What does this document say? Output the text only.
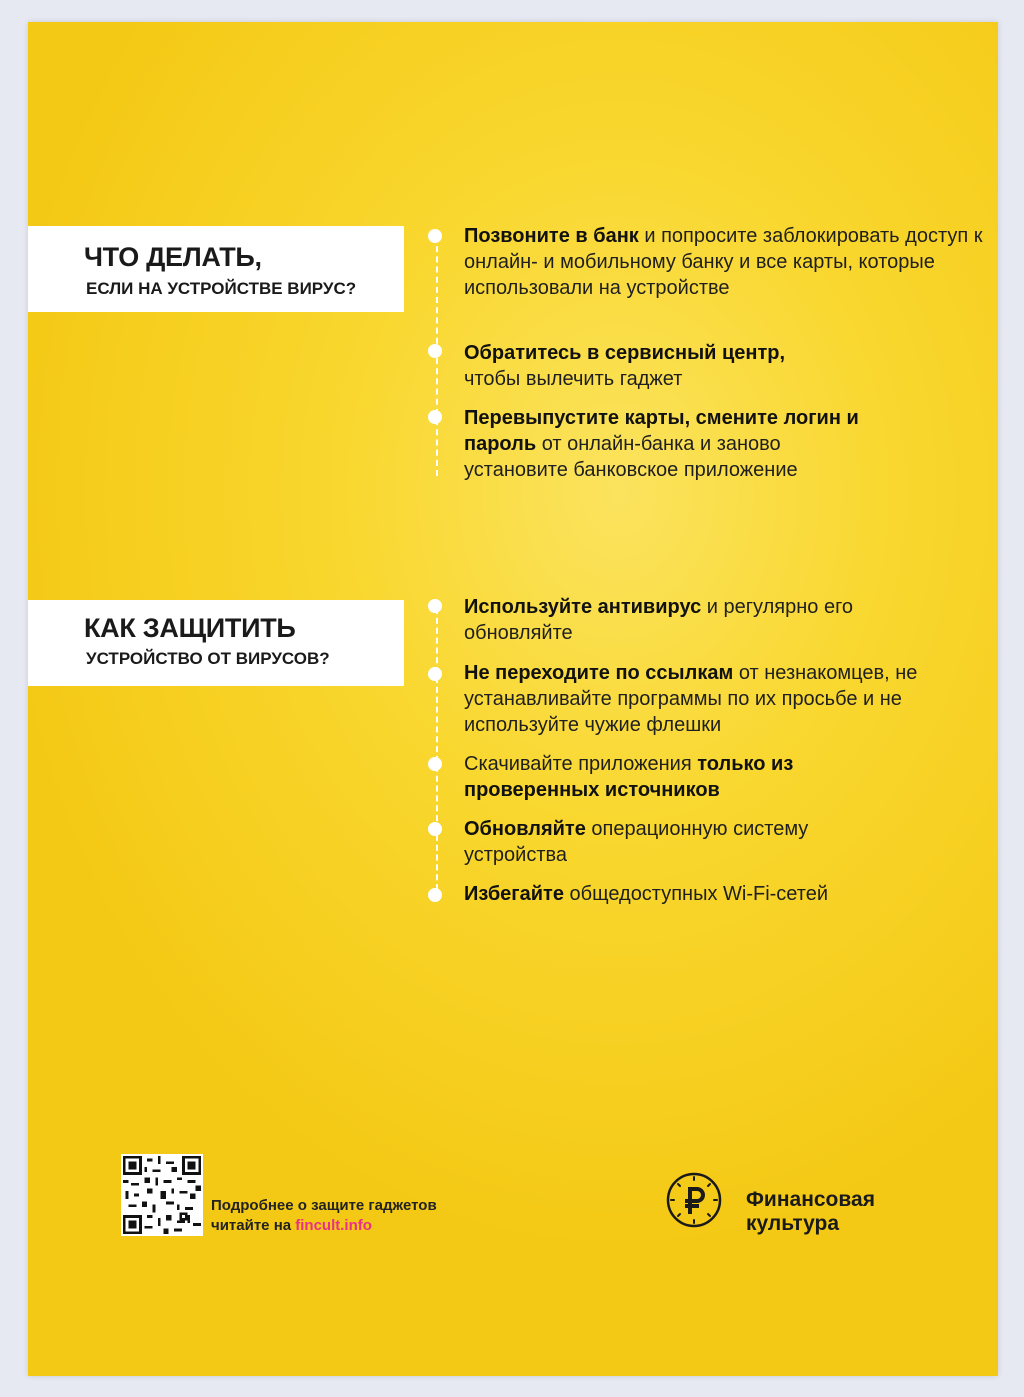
ЧТО ДЕЛАТЬ,
ЕСЛИ НА УСТРОЙСТВЕ ВИРУС?
Позвоните в банк и попросите заблокировать доступ к онлайн- и мобильному банку и все карты, которые использовали на устройстве
Обратитесь в сервисный центр,
чтобы вылечить гаджет
Перевыпустите карты, смените логин и пароль от онлайн-банка и заново установите банковское приложение
КАК ЗАЩИТИТЬ
УСТРОЙСТВО ОТ ВИРУСОВ?
Используйте антивирус и регулярно его обновляйте
Не переходите по ссылкам от незнакомцев, не устанавливайте программы по их просьбе и не используйте чужие флешки
Скачивайте приложения только из проверенных источников
Обновляйте операционную систему устройства
Избегайте общедоступных Wi-Fi-сетей
Подробнее о защите гаджетов
читайте на fincult.info
Финансовая
культура
